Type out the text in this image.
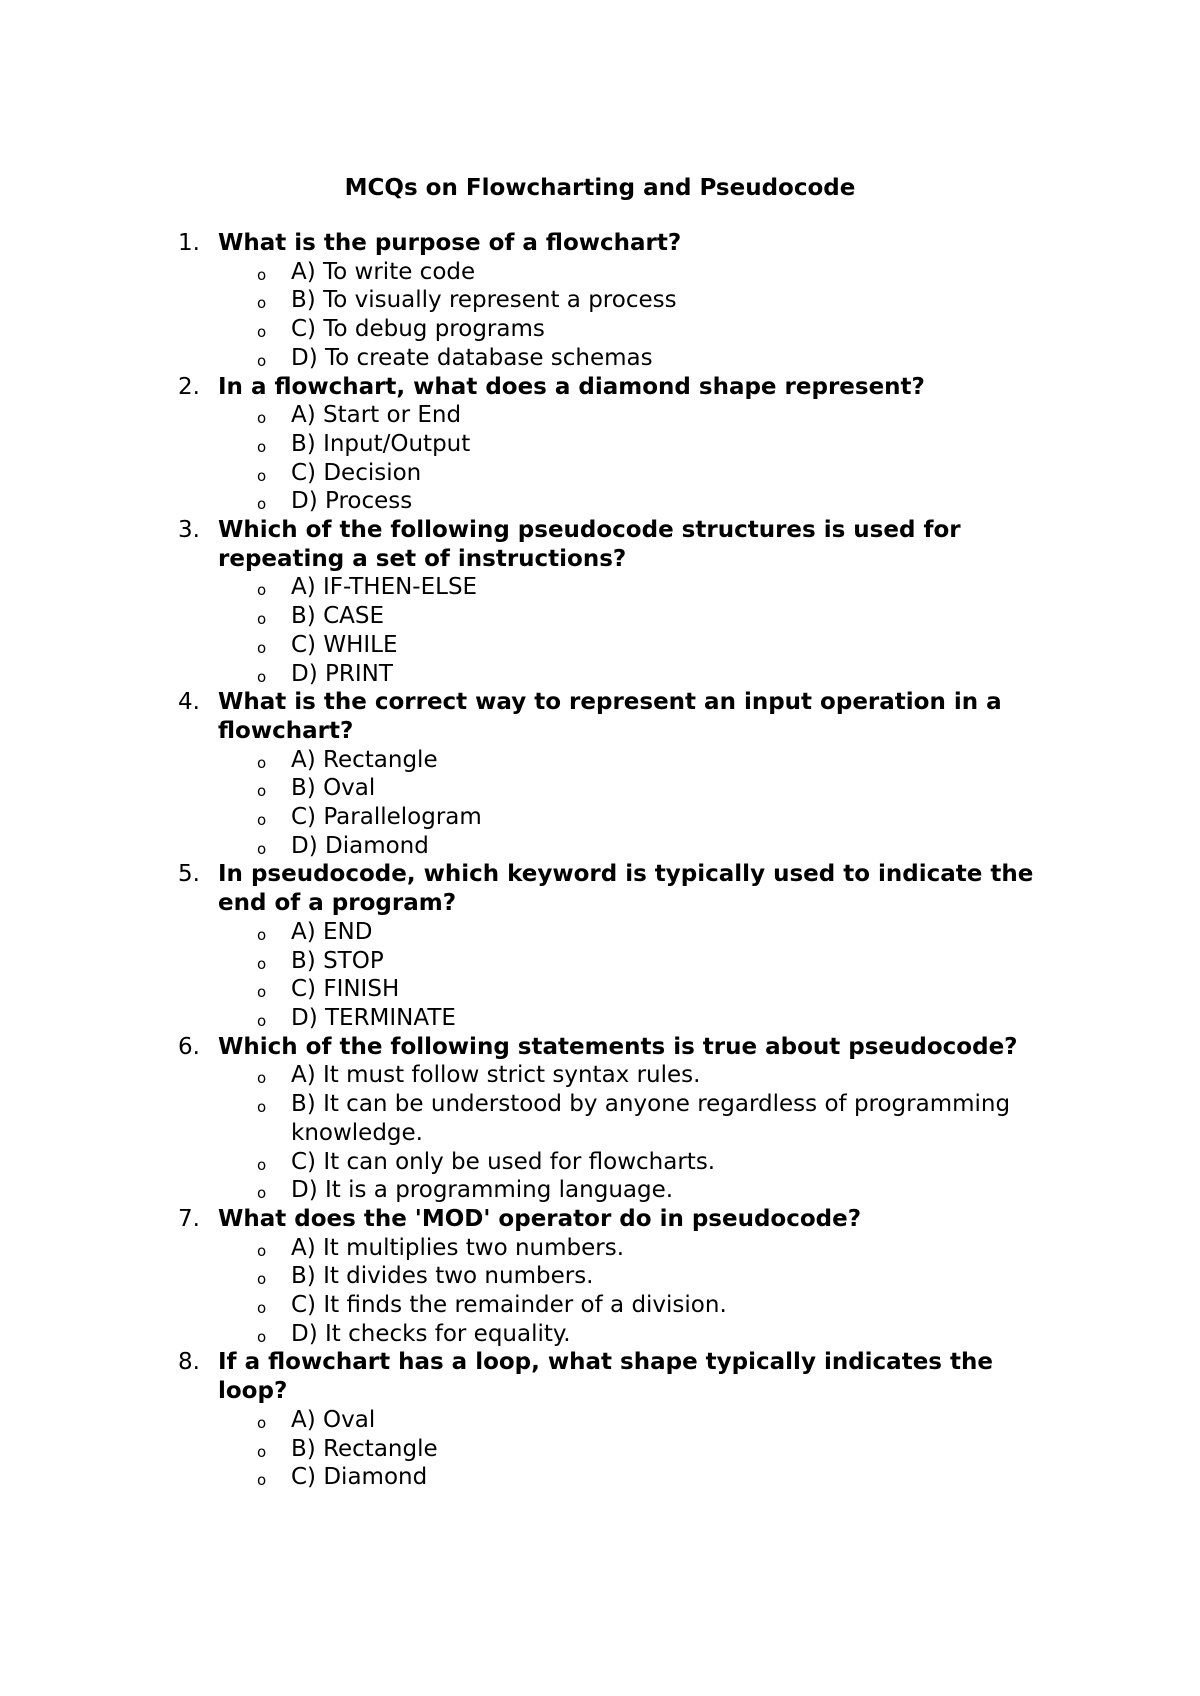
MCQs on Flowcharting and Pseudocode
1. What is the purpose of a flowchart?
o A) To write code
o B) To visually represent a process
o C) To debug programs
o D) To create database schemas
2. In a flowchart, what does a diamond shape represent?
o A) Start or End
o B) Input/Output
o C) Decision
o D) Process
3. Which of the following pseudocode structures is used for repeating a set of instructions?
o A) IF-THEN-ELSE
o B) CASE
o C) WHILE
o D) PRINT
4. What is the correct way to represent an input operation in a flowchart?
o A) Rectangle
o B) Oval
o C) Parallelogram
o D) Diamond
5. In pseudocode, which keyword is typically used to indicate the end of a program?
o A) END
o B) STOP
o C) FINISH
o D) TERMINATE
6. Which of the following statements is true about pseudocode?
o A) It must follow strict syntax rules.
o B) It can be understood by anyone regardless of programming knowledge.
o C) It can only be used for flowcharts.
o D) It is a programming language.
7. What does the 'MOD' operator do in pseudocode?
o A) It multiplies two numbers.
o B) It divides two numbers.
o C) It finds the remainder of a division.
o D) It checks for equality.
8. If a flowchart has a loop, what shape typically indicates the loop?
o A) Oval
o B) Rectangle
o C) Diamond
